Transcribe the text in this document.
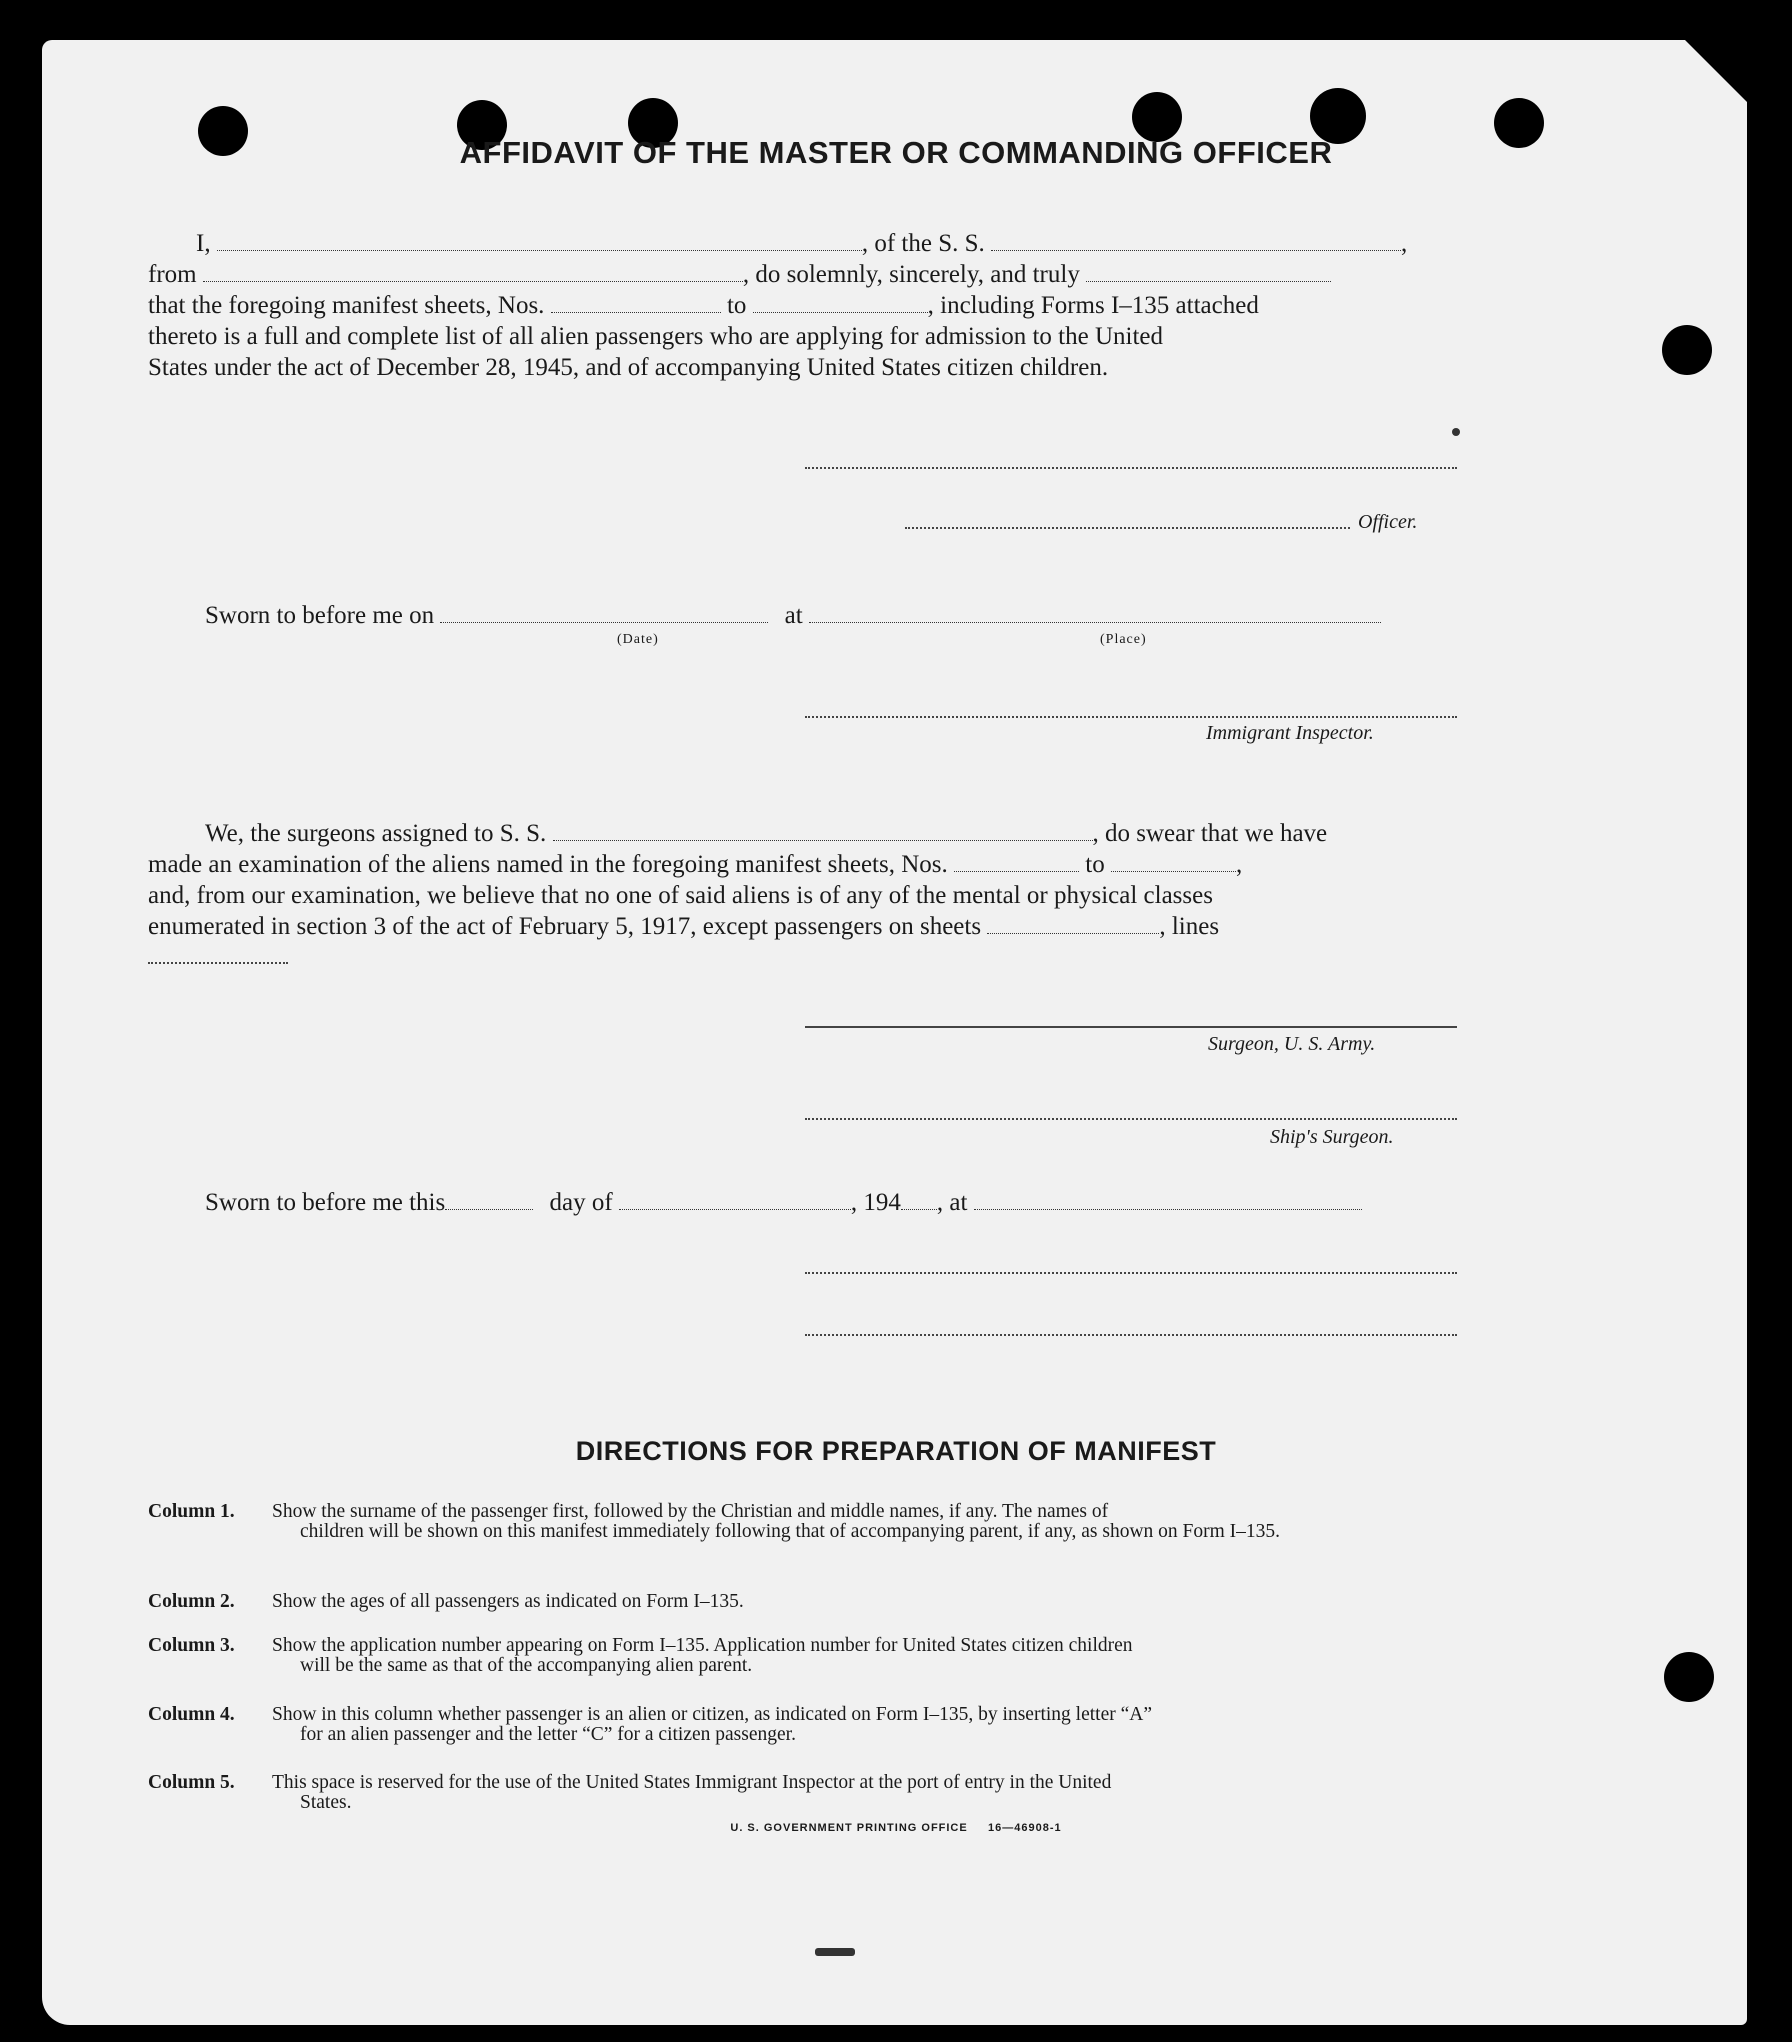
AFFIDAVIT OF THE MASTER OR COMMANDING OFFICER
I,	, of the S. S.	,
from	, do solemnly, sincerely, and truly
that the foregoing manifest sheets, Nos.	to	, including Forms I–135 attached
thereto is a full and complete list of all alien passengers who are applying for admission to the United
States under the act of December 28, 1945, and of accompanying United States citizen children.
Officer.
Sworn to before me on	at
(Date)	(Place)
Immigrant Inspector.
We, the surgeons assigned to S. S.	, do swear that we have
made an examination of the aliens named in the foregoing manifest sheets, Nos.	to	,
and, from our examination, we believe that no one of said aliens is of any of the mental or physical classes
enumerated in section 3 of the act of February 5, 1917, except passengers on sheets	, lines
Surgeon, U. S. Army.
Ship's Surgeon.
Sworn to before me this	day of	, 194 , at
DIRECTIONS FOR PREPARATION OF MANIFEST
Column 1. Show the surname of the passenger first, followed by the Christian and middle names, if any. The names of
children will be shown on this manifest immediately following that of accompanying parent, if any, as shown on Form I–135.
Column 2. Show the ages of all passengers as indicated on Form I–135.
Column 3. Show the application number appearing on Form I–135. Application number for United States citizen children
will be the same as that of the accompanying alien parent.
Column 4. Show in this column whether passenger is an alien or citizen, as indicated on Form I–135, by inserting letter “A”
for an alien passenger and the letter “C” for a citizen passenger.
Column 5. This space is reserved for the use of the United States Immigrant Inspector at the port of entry in the United
States.
U. S. GOVERNMENT PRINTING OFFICE     16—46908-1
